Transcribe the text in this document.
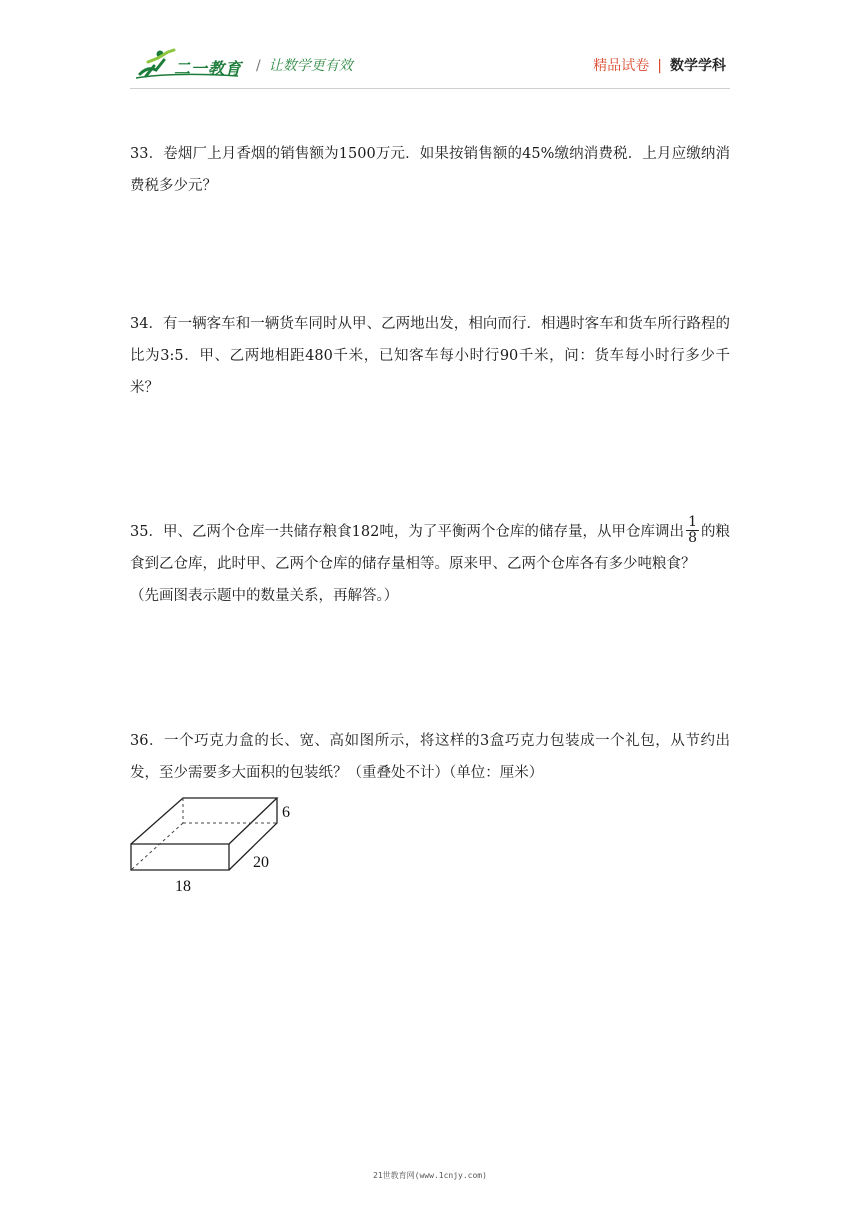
二一教育 / 让数学更有效	精品试卷 | 数学学科

33．卷烟厂上月香烟的销售额为1500万元．如果按销售额的45%缴纳消费税．上月应缴纳消费税多少元？

34．有一辆客车和一辆货车同时从甲、乙两地出发，相向而行．相遇时客车和货车所行路程的比为3:5．甲、乙两地相距480千米，已知客车每小时行90千米，问：货车每小时行多少千米？

35．甲、乙两个仓库一共储存粮食182吨，为了平衡两个仓库的储存量，从甲仓库调出 $\frac{1}{8}$ 的粮食到乙仓库，此时甲、乙两个仓库的储存量相等。原来甲、乙两个仓库各有多少吨粮食？

（先画图表示题中的数量关系，再解答。）

36．一个巧克力盒的长、宽、高如图所示，将这样的3盒巧克力包装成一个礼包，从节约出发，至少需要多大面积的包装纸？（重叠处不计）（单位：厘米）

6
20
18
21世教育网(www.1cnjy.com)
